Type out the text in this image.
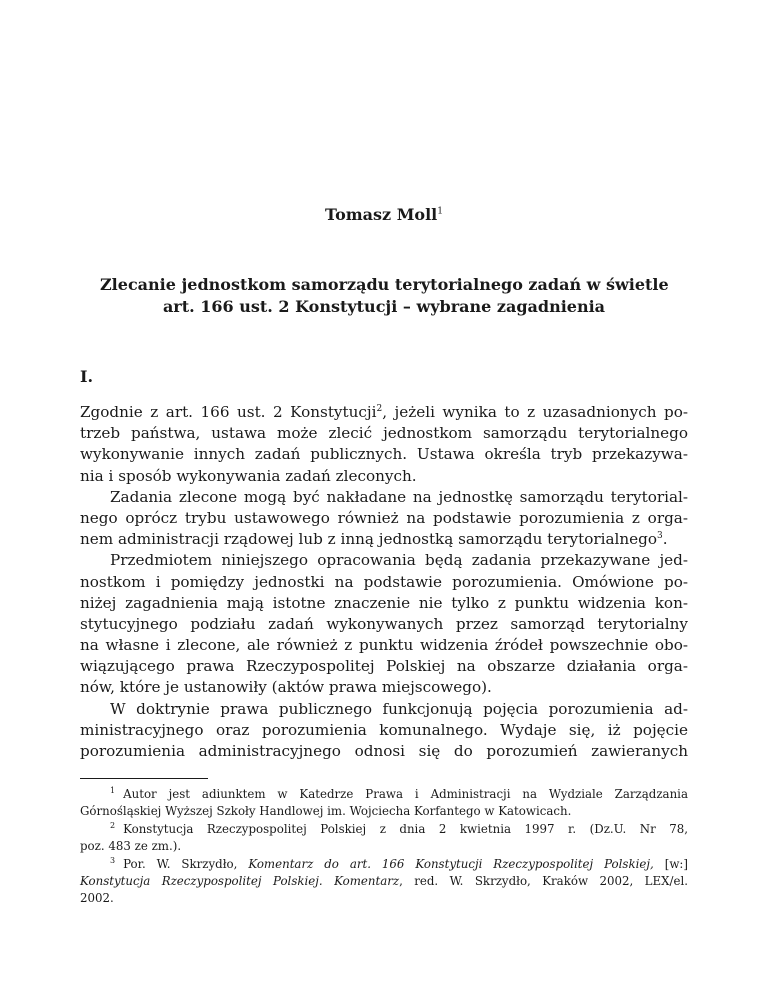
Tomasz Moll$^1$
Zlecanie jednostkom samorządu terytorialnego zadań w świetle
art. 166 ust. 2 Konstytucji – wybrane zagadnienia
I.
Zgodnie z art. 166 ust. 2 Konstytucji$^2$, jeżeli wynika to z uzasadnionych po-
trzeb państwa, ustawa może zlecić jednostkom samorządu terytorialnego
wykonywanie innych zadań publicznych. Ustawa określa tryb przekazywa-
nia i sposób wykonywania zadań zleconych.
Zadania zlecone mogą być nakładane na jednostkę samorządu terytorial-
nego oprócz trybu ustawowego również na podstawie porozumienia z orga-
nem administracji rządowej lub z inną jednostką samorządu terytorialnego$^3$.
Przedmiotem niniejszego opracowania będą zadania przekazywane jed-
nostkom i pomiędzy jednostki na podstawie porozumienia. Omówione po-
niżej zagadnienia mają istotne znaczenie nie tylko z punktu widzenia kon-
stytucyjnego podziału zadań wykonywanych przez samorząd terytorialny
na własne i zlecone, ale również z punktu widzenia źródeł powszechnie obo-
wiązującego prawa Rzeczypospolitej Polskiej na obszarze działania orga-
nów, które je ustanowiły (aktów prawa miejscowego).
W doktrynie prawa publicznego funkcjonują pojęcia porozumienia ad-
ministracyjnego oraz porozumienia komunalnego. Wydaje się, iż pojęcie
porozumienia administracyjnego odnosi się do porozumień zawieranych
$^1$ Autor jest adiunktem w Katedrze Prawa i Administracji na Wydziale Zarządzania
Górnośląskiej Wyższej Szkoły Handlowej im. Wojciecha Korfantego w Katowicach.
$^2$ Konstytucja Rzeczypospolitej Polskiej z dnia 2 kwietnia 1997 r. (Dz.U. Nr 78,
poz. 483 ze zm.).
$^3$ Por. W. Skrzydło, Komentarz do art. 166 Konstytucji Rzeczypospolitej Polskiej, [w:]
Konstytucja Rzeczypospolitej Polskiej. Komentarz, red. W. Skrzydło, Kraków 2002, LEX/el.
2002.
